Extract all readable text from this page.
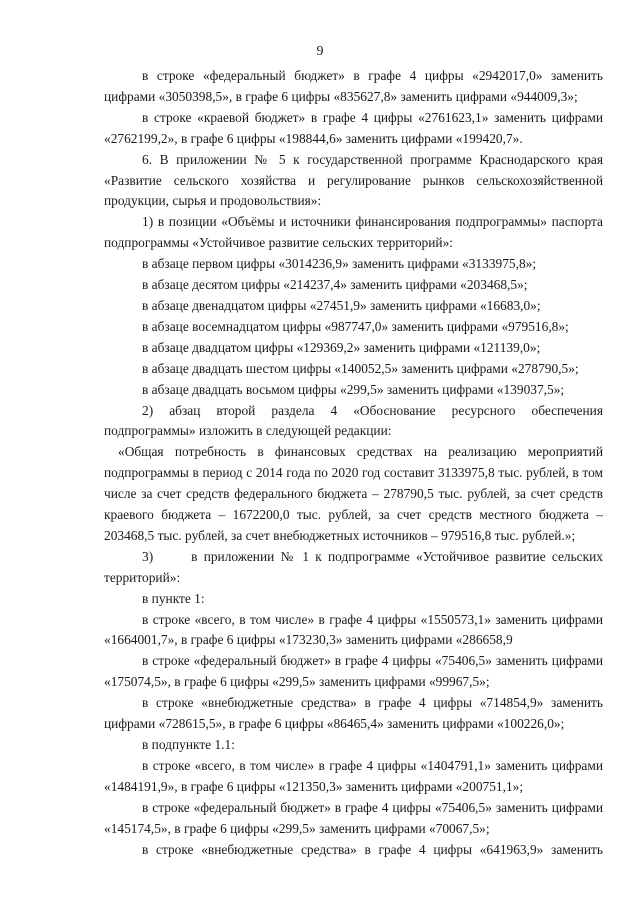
9
в строке «федеральный бюджет» в графе 4 цифры «2942017,0» заменить цифрами «3050398,5», в графе 6 цифры «835627,8» заменить цифрами «944009,3»;
в строке «краевой бюджет» в графе 4 цифры «2761623,1» заменить цифрами «2762199,2», в графе 6 цифры «198844,6» заменить цифрами «199420,7».
6. В приложении № 5 к государственной программе Краснодарского края «Развитие сельского хозяйства и регулирование рынков сельскохозяйственной продукции, сырья и продовольствия»:
1) в позиции «Объёмы и источники финансирования подпрограммы» паспорта подпрограммы «Устойчивое развитие сельских территорий»:
в абзаце первом цифры «3014236,9» заменить цифрами «3133975,8»;
в абзаце десятом цифры «214237,4» заменить цифрами «203468,5»;
в абзаце двенадцатом цифры «27451,9» заменить цифрами «16683,0»;
в абзаце восемнадцатом цифры «987747,0» заменить цифрами «979516,8»;
в абзаце двадцатом цифры «129369,2» заменить цифрами «121139,0»;
в абзаце двадцать шестом цифры «140052,5» заменить цифрами «278790,5»;
в абзаце двадцать восьмом цифры «299,5» заменить цифрами «139037,5»;
2) абзац второй раздела 4 «Обоснование ресурсного обеспечения подпрограммы» изложить в следующей редакции:
«Общая потребность в финансовых средствах на реализацию мероприятий подпрограммы в период с 2014 года по 2020 год составит 3133975,8 тыс. рублей, в том числе за счет средств федерального бюджета – 278790,5 тыс. рублей, за счет средств краевого бюджета – 1672200,0 тыс. рублей, за счет средств местного бюджета – 203468,5 тыс. рублей, за счет внебюджетных источников – 979516,8 тыс. рублей.»;
3)	в приложении № 1 к подпрограмме «Устойчивое развитие сельских территорий»:
в пункте 1:
в строке «всего, в том числе» в графе 4 цифры «1550573,1» заменить цифрами «1664001,7», в графе 6 цифры «173230,3» заменить цифрами «286658,9
в строке «федеральный бюджет» в графе 4 цифры «75406,5» заменить цифрами «175074,5», в графе 6 цифры «299,5» заменить цифрами «99967,5»;
в строке «внебюджетные средства» в графе 4 цифры «714854,9» заменить цифрами «728615,5», в графе 6 цифры «86465,4» заменить цифрами «100226,0»;
в подпункте 1.1:
в строке «всего, в том числе» в графе 4 цифры «1404791,1» заменить цифрами «1484191,9», в графе 6 цифры «121350,3» заменить цифрами «200751,1»;
в строке «федеральный бюджет» в графе 4 цифры «75406,5» заменить цифрами «145174,5», в графе 6 цифры «299,5» заменить цифрами «70067,5»;
в строке «внебюджетные средства» в графе 4 цифры «641963,9» заменить
